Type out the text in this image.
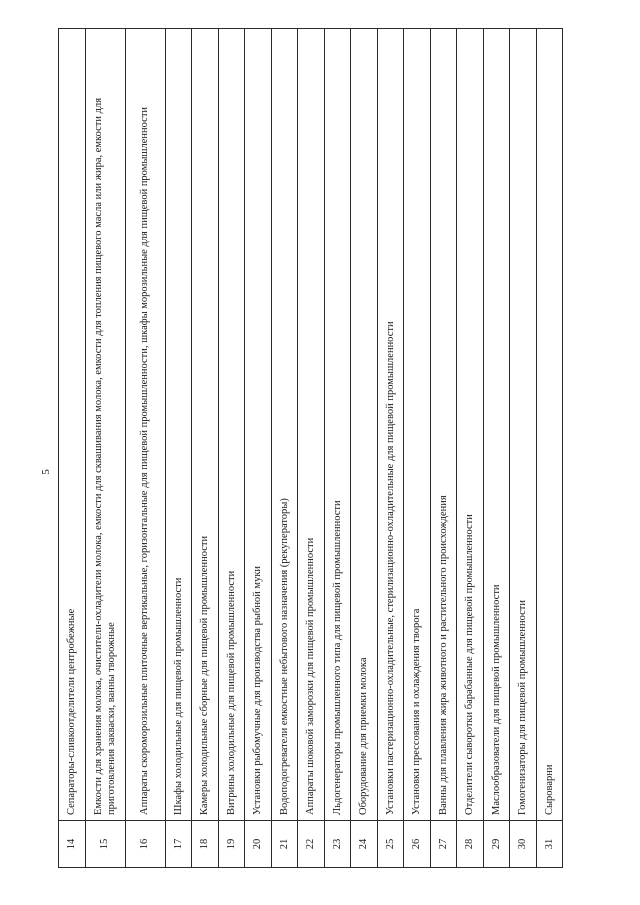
5
14	Сепараторы-сливкоотделители центробежные
15	Емкости для хранения молока, очистители-охладители молока, емкости для сквашивания молока, емкости для топления пищевого масла или жира, емкости для приготовления закваски, ванны творожные
16	Аппараты скороморозильные плиточные вертикальные, горизонтальные для пищевой промышленности, шкафы морозильные для пищевой промышленности
17	Шкафы холодильные для пищевой промышленности
18	Камеры холодильные сборные для пищевой промышленности
19	Витрины холодильные для пищевой промышленности
20	Установки рыбомучные для производства рыбной муки
21	Водоподогреватели емкостные небытового назначения (рекуператоры)
22	Аппараты шоковой заморозки для пищевой промышленности
23	Льдогенераторы промышленного типа для пищевой промышленности
24	Оборудование для приемки молока
25	Установки пастеризационно-охладительные, стерилизационно-охладительные для пищевой промышленности
26	Установки прессования и охлаждения творога
27	Ванны для плавления жира животного и растительного происхождения
28	Отделители сыворотки барабанные для пищевой промышленности
29	Маслообразователи для пищевой промышленности
30	Гомогенизаторы для пищевой промышленности
31	Сыроварни
